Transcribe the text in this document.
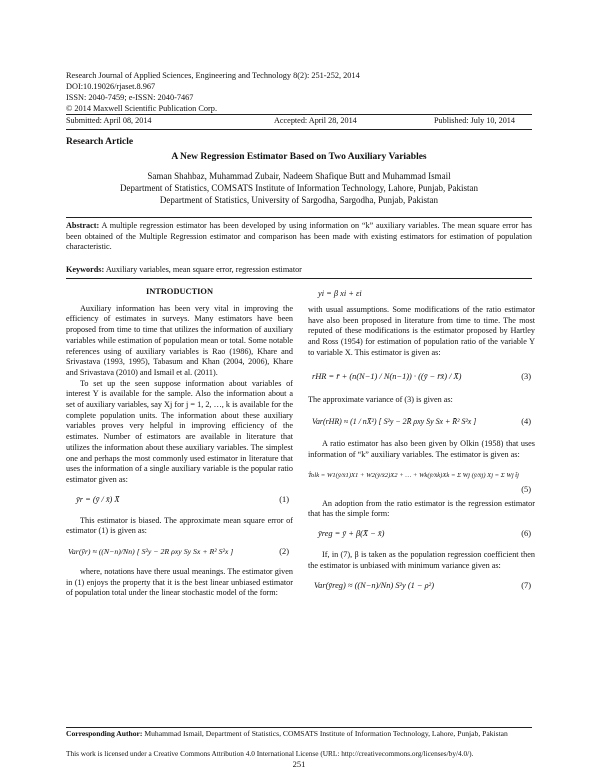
Research Journal of Applied Sciences, Engineering and Technology 8(2): 251-252, 2014
DOI:10.19026/rjaset.8.967
ISSN: 2040-7459; e-ISSN: 2040-7467
© 2014 Maxwell Scientific Publication Corp.
Submitted: April 08, 2014	Accepted: April 28, 2014	Published: July 10, 2014
Research Article
A New Regression Estimator Based on Two Auxiliary Variables
Saman Shahbaz, Muhammad Zubair, Nadeem Shafique Butt and Muhammad Ismail
Department of Statistics, COMSATS Institute of Information Technology, Lahore, Punjab, Pakistan
Department of Statistics, University of Sargodha, Sargodha, Punjab, Pakistan
Abstract: A multiple regression estimator has been developed by using information on “k” auxiliary variables. The mean square error has been obtained of the Multiple Regression estimator and comparison has been made with existing estimators for estimation of population characteristic.
Keywords: Auxiliary variables, mean square error, regression estimator
INTRODUCTION

Auxiliary information has been very vital in improving the efficiency of estimates in surveys. Many estimators have been proposed from time to time that utilizes the information of auxiliary variables while estimation of population mean or total. Some notable references using of auxiliary variables is Rao (1986), Khare and Srivastava (1993, 1995), Tabasum and Khan (2004, 2006), Khare and Srivastava (2010) and Ismail et al. (2011).

To set up the seen suppose information about variables of interest Y is available for the sample. Also the information about a set of auxiliary variables, say Xj for j = 1, 2, …, k is available for the complete population units. The information about these auxiliary variables proves very helpful in improving efficiency of the estimates. Number of estimators are available in literature that utilizes the information about these auxiliary variables. The simplest one and perhaps the most commonly used estimator in literature that uses the information of a single auxiliary variable is the popular ratio estimator given as:

ȳr = (ȳ / x̄) X̄	(1)

This estimator is biased. The approximate mean square error of estimator (1) is given as:

Var(ȳr) ≈ ((N−n)/Nn) [ S²y − 2R ρxy Sy Sx + R² S²x ]	(2)

where, notations have there usual meanings. The estimator given in (1) enjoys the property that it is the best linear unbiased estimator of population total under the linear stochastic model of the form:

yi = β xi + εi

with usual assumptions. Some modifications of the ratio estimator have also been proposed in literature from time to time. The most reputed of these modifications is the estimator proposed by Hartley and Ross (1954) for estimation of population ratio of the variable Y to variable X. This estimator is given as:

rHR = r̄ + (n(N−1) / N(n−1)) · ((ȳ − r̄x̄) / X̄)	(3)

The approximate variance of (3) is given as:

Var(rHR) ≈ (1 / nX̄²) [ S²y − 2R̄ ρxy Sy Sx + R̄² S²x ]	(4)

A ratio estimator has also been given by Olkin (1958) that uses information of “k” auxiliary variables. The estimator is given as:

T̂olk = W1(ȳ/x̄1)X1 + W2(ȳ/x̄2)X2 + … + Wk(ȳ/x̄k)Xk = Σ Wj (ȳ/x̄j) Xj = Σ Wj t̂j
(5)

An adoption from the ratio estimator is the regression estimator that has the simple form:

ȳreg = ȳ + β(X̄ − x̄)	(6)

If, in (7), β is taken as the population regression coefficient then the estimator is unbiased with minimum variance given as:

Var(ȳreg) ≈ ((N−n)/Nn) S²y (1 − ρ²)	(7)
Corresponding Author: Muhammad Ismail, Department of Statistics, COMSATS Institute of Information Technology, Lahore, Punjab, Pakistan
This work is licensed under a Creative Commons Attribution 4.0 International License (URL: http://creativecommons.org/licenses/by/4.0/).
251
